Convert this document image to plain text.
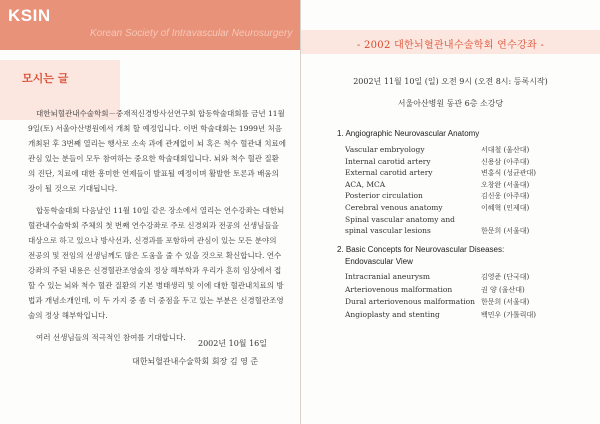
KSIN
Korean Society of Intravascular Neurosurgery
모시는 글

대한뇌혈관내수술학회－중재적신경방사선연구회 합동학술대회를 금년 11월 9일(토) 서울아산병원에서 개최 할 예정입니다. 이번 학술대회는 1999년 처음 개최된 후 3번째 열리는 행사로 소속 과에 관계없이 뇌 혹은 척수 혈관내 치료에 관심 있는 분들이 모두 참여하는 중요한 학술대회입니다. 뇌와 척수 혈관 질환의 진단, 치료에 대한 흥미한 연제들이 발표될 예정이며 활발한 토론과 배움의 장이 될 것으로 기대됩니다.

합동학술대회 다음날인 11월 10일 같은 장소에서 열리는 연수강좌는 대한뇌혈관내수술학회 주체의 첫 번째 연수강좌로 주로 신경외과 전공의 선생님들을 대상으로 하고 있으나 방사선과, 신경과를 포함하여 관심이 있는 모든 분야의 전공의 및 전임의 선생님께도 많은 도움을 줄 수 있을 것으로 확신합니다. 연수 강좌의 주된 내용은 신경혈관조영술의 정상 해부학과 우리가 흔히 임상에서 접할 수 있는 뇌와 척수 혈관 질환의 기본 병태생리 및 이에 대한 혈관내치료의 방법과 개념소개인데, 이 두 가지 중 좀 더 중점을 두고 있는 부분은 신경혈관조영술의 정상 해부학입니다.

여러 선생님들의 적극적인 참여를 기대합니다.

2002년 10월 16일
대한뇌혈관내수술학회 회장 김 영 준
- 2002 대한뇌혈관내수술학회 연수강좌 -
2002년 11월 10일 (일) 오전 9시 (오전 8시: 등록시작)
서울아산병원 동관 6층 소강당
1. Angiographic Neurovascular Anatomy
Vascular embryology	서대철 (울산대)
Internal carotid artery	신용삼 (아주대)
External carotid artery	변홍식 (성균관대)
ACA, MCA	오창완 (서울대)
Posterior circulation	김신웅 (아주대)
Cerebral venous anatomy	이혜혁 (인제대)
Spinal vascular anatomy and
spinal vascular lesions	한문희 (서울대)
2. Basic Concepts for Neurovascular Diseases:
Endovascular View
Intracranial aneurysm	김영준 (단국대)
Arteriovenous malformation	권 양 (울산대)
Dural arteriovenous malformation 한문희 (서울대)
Angioplasty and stenting	백민우 (가톨릭대)
